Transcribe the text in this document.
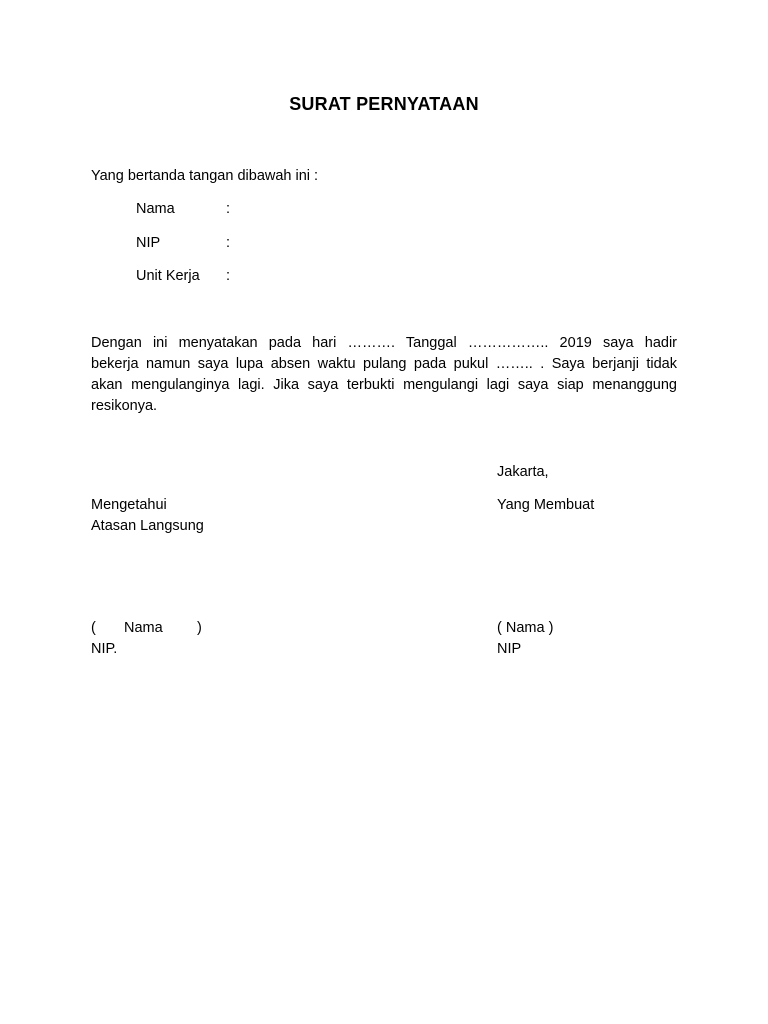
SURAT PERNYATAAN
Yang bertanda tangan dibawah ini :
Nama	:
NIP	:
Unit Kerja :
Dengan ini menyatakan pada hari ………. Tanggal …………….. 2019 saya hadir
bekerja namun saya lupa absen waktu pulang pada pukul …….. . Saya berjanji tidak
akan mengulanginya lagi. Jika saya terbukti mengulangi lagi saya siap menanggung
resikonya.
Jakarta,
Mengetahui
Atasan Langsung
Yang Membuat
( Nama )
NIP.
( Nama )
NIP
